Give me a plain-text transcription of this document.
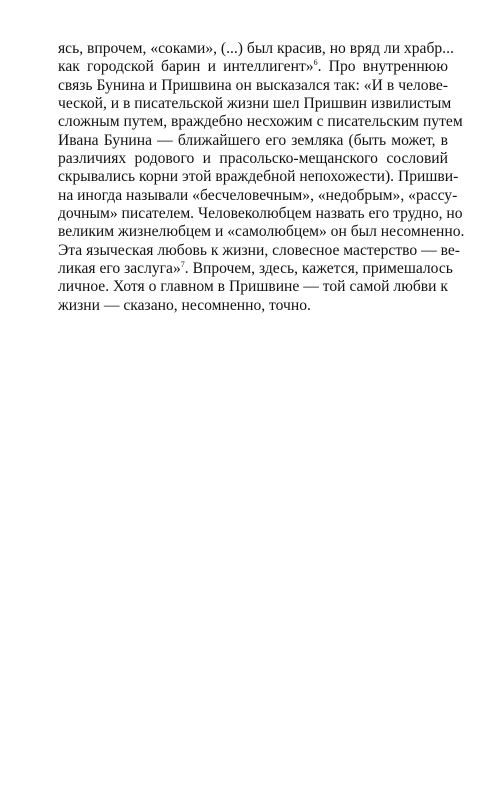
ясь, впрочем, «соками», (...) был красив, но вряд ли храбр...
как городской барин и интеллигент»$^6$. Про внутреннюю
связь Бунина и Пришвина он высказался так: «И в челове-
ческой, и в писательской жизни шел Пришвин извилистым
сложным путем, враждебно несхожим с писательским путем
Ивана Бунина — ближайшего его земляка (быть может, в
различиях родового и прасольско-мещанского сословий
скрывались корни этой враждебной непохожести). Пришви-
на иногда называли «бесчеловечным», «недобрым», «рассу-
дочным» писателем. Человеколюбцем назвать его трудно, но
великим жизнелюбцем и «самолюбцем» он был несомненно.
Эта языческая любовь к жизни, словесное мастерство — ве-
ликая его заслуга»$^7$. Впрочем, здесь, кажется, примешалось
личное. Хотя о главном в Пришвине — той самой любви к
жизни — сказано, несомненно, точно.
